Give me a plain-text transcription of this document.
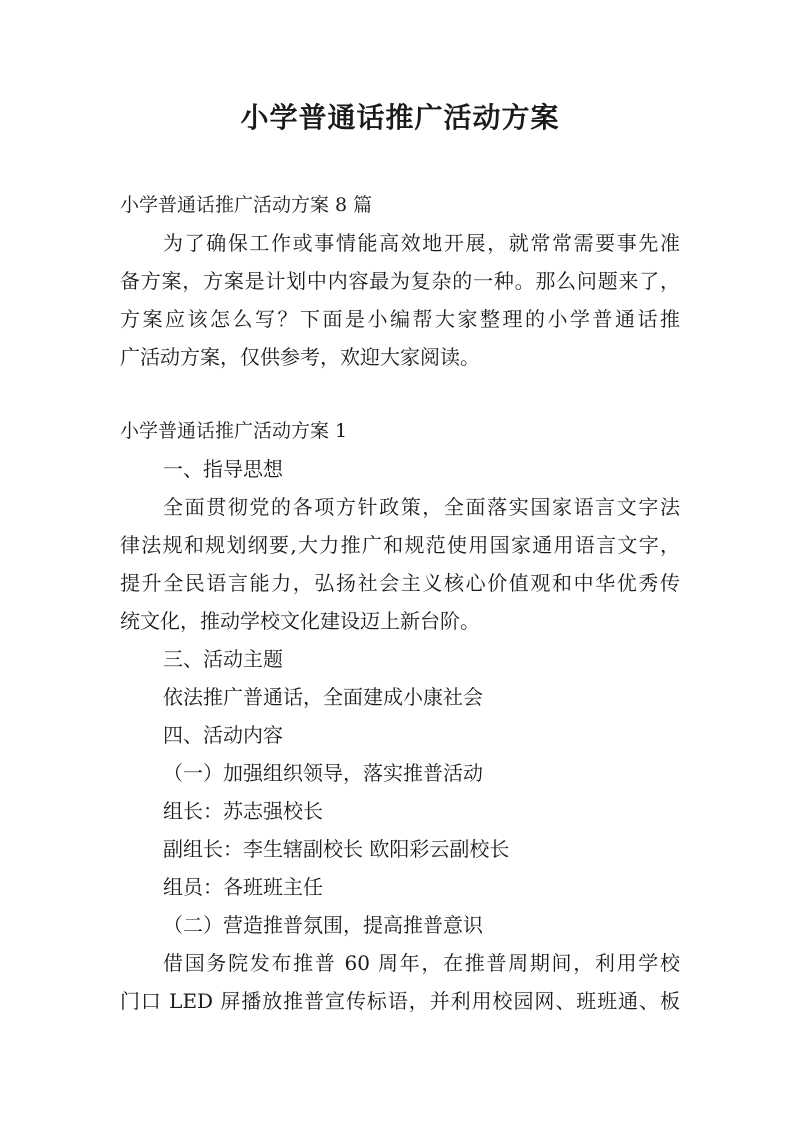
小学普通话推广活动方案

小学普通话推广活动方案 8 篇

为了确保工作或事情能高效地开展，就常常需要事先准

备方案，方案是计划中内容最为复杂的一种。那么问题来了，

方案应该怎么写？下面是小编帮大家整理的小学普通话推

广活动方案，仅供参考，欢迎大家阅读。

小学普通话推广活动方案 1

一、指导思想

全面贯彻党的各项方针政策，全面落实国家语言文字法

律法规和规划纲要,大力推广和规范使用国家通用语言文字，

提升全民语言能力，弘扬社会主义核心价值观和中华优秀传

统文化，推动学校文化建设迈上新台阶。

三、活动主题

依法推广普通话，全面建成小康社会

四、活动内容

（一）加强组织领导，落实推普活动

组长：苏志强校长

副组长：李生辖副校长 欧阳彩云副校长

组员：各班班主任

（二）营造推普氛围，提高推普意识

借国务院发布推普 60 周年，在推普周期间，利用学校

门口 LED 屏播放推普宣传标语，并利用校园网、班班通、板
